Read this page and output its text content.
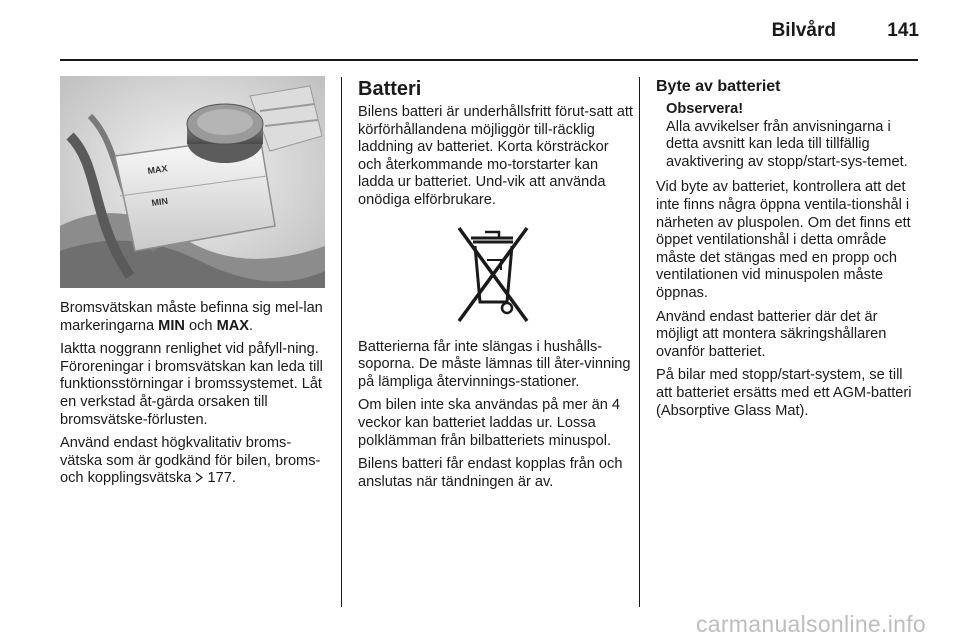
Bilvård	141
MAX
MIN

Bromsvätskan måste befinna sig mel-lan markeringarna MIN och MAX.

Iaktta noggrann renlighet vid påfyll-ning. Föroreningar i bromsvätskan kan leda till funktionsstörningar i bromssystemet. Låt en verkstad åt-gärda orsaken till bromsvätske-förlusten.

Använd endast högkvalitativ broms-vätska som är godkänd för bilen, broms- och kopplingsvätska  177.

Batteri

Bilens batteri är underhållsfritt förut-satt att körförhållandena möjliggör till-räcklig laddning av batteriet. Korta körsträckor och återkommande mo-torstarter kan ladda ur batteriet. Und-vik att använda onödiga elförbrukare.

Batterierna får inte slängas i hushålls-soporna. De måste lämnas till åter-vinning på lämpliga återvinnings-stationer.

Om bilen inte ska användas på mer än 4 veckor kan batteriet laddas ur. Lossa polklämman från bilbatteriets minuspol.

Bilens batteri får endast kopplas från och anslutas när tändningen är av.

Byte av batteriet
Observera!
Alla avvikelser från anvisningarna i detta avsnitt kan leda till tillfällig avaktivering av stopp/start-sys-temet.

Vid byte av batteriet, kontrollera att det inte finns några öppna ventila-tionshål i närheten av pluspolen. Om det finns ett öppet ventilationshål i detta område måste det stängas med en propp och ventilationen vid minuspolen måste öppnas.

Använd endast batterier där det är möjligt att montera säkringshållaren ovanför batteriet.

På bilar med stopp/start-system, se till att batteriet ersätts med ett AGM-batteri (Absorptive Glass Mat).

carmanualsonline.info
